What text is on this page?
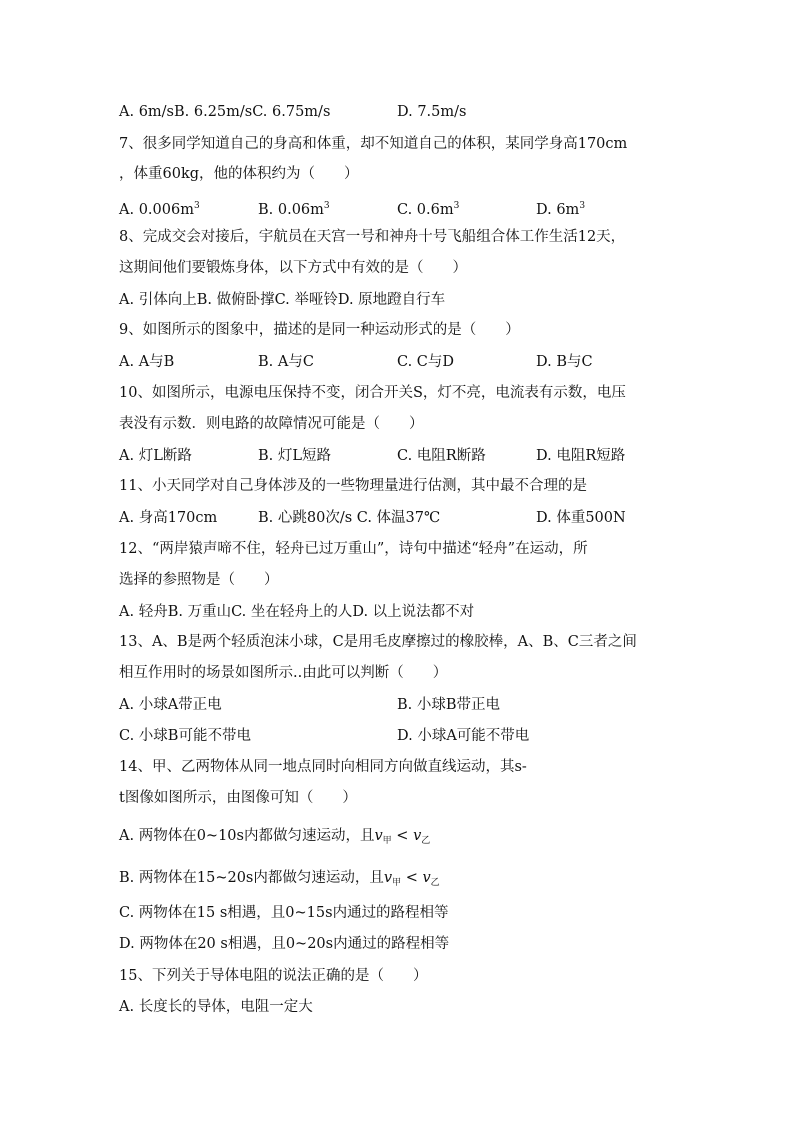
A. 6m/sB. 6.25m/sC. 6.75m/s	D. 7.5m/s
7、很多同学知道自己的身高和体重，却不知道自己的体积，某同学身高170cm
，体重60kg，他的体积约为（　　）
A. $0.006m^3$	B. $0.06m^3$	C. $0.6m^3$	D. $6m^3$
8、完成交会对接后，宇航员在天宫一号和神舟十号飞船组合体工作生活12天，
这期间他们要锻炼身体，以下方式中有效的是（　　）
A. 引体向上B. 做俯卧撑C. 举哑铃D. 原地蹬自行车
9、如图所示的图象中，描述的是同一种运动形式的是（　　）
A. A与B	B. A与C	C. C与D	D. B与C
10、如图所示，电源电压保持不变，闭合开关S，灯不亮，电流表有示数，电压
表没有示数．则电路的故障情况可能是（　　）
A. 灯L断路	B. 灯L短路	C. 电阻R断路	D. 电阻R短路
11、小天同学对自己身体涉及的一些物理量进行估测，其中最不合理的是
A. 身高170cm	B. 心跳80次/s C. 体温37℃	D. 体重500N
12、“两岸猿声啼不住，轻舟已过万重山”，诗句中描述“轻舟”在运动，所
选择的参照物是（　　）
A. 轻舟B. 万重山C. 坐在轻舟上的人D. 以上说法都不对
13、A、B是两个轻质泡沫小球，C是用毛皮摩擦过的橡胶棒，A、B、C三者之间
相互作用时的场景如图所示..由此可以判断（　　）
A. 小球A带正电	B. 小球B带正电
C. 小球B可能不带电	D. 小球A可能不带电
14、甲、乙两物体从同一地点同时向相同方向做直线运动，其s-
t图像如图所示，由图像可知（　　）
A. 两物体在0~10s内都做匀速运动，且$v_甲 < v_乙$
B. 两物体在15~20s内都做匀速运动，且$v_甲 < v_乙$
C. 两物体在15 s相遇，且0~15s内通过的路程相等
D. 两物体在20 s相遇，且0~20s内通过的路程相等
15、下列关于导体电阻的说法正确的是（　　）
A. 长度长的导体，电阻一定大
